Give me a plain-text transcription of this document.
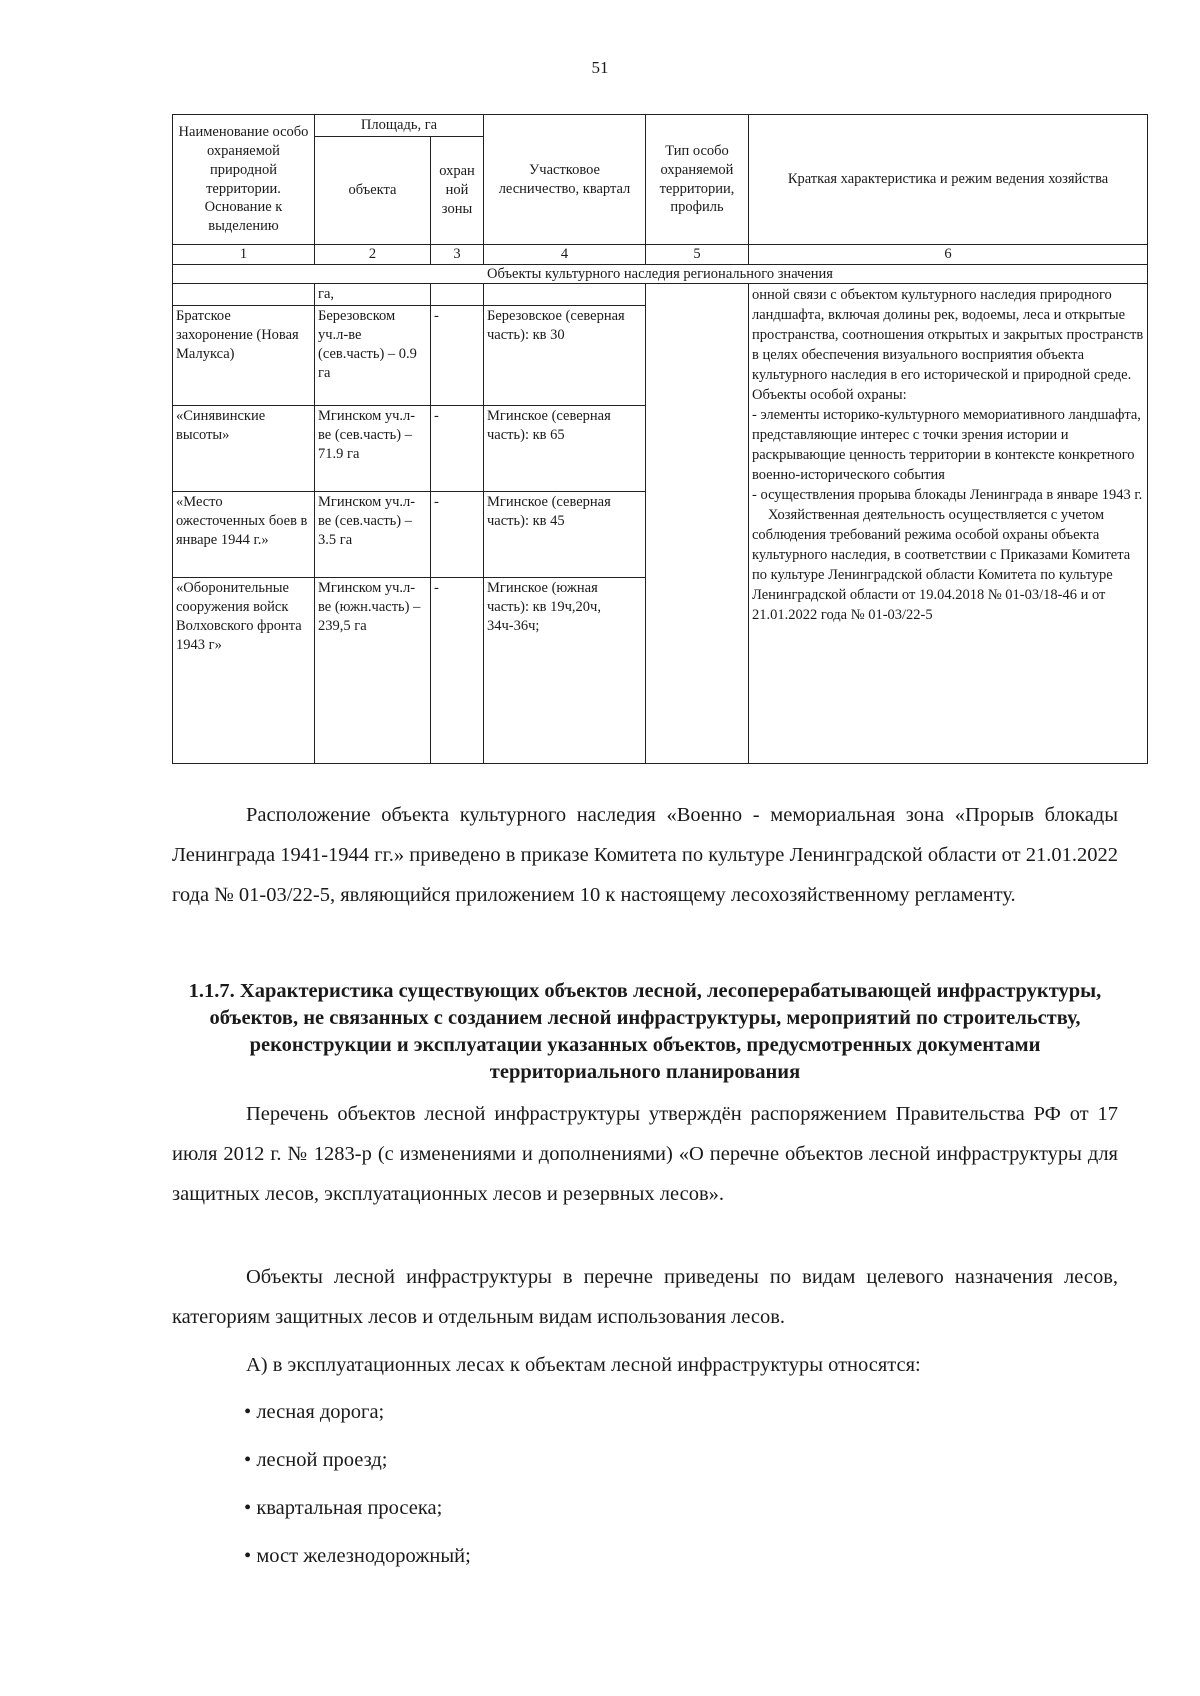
51
Наименование особо охраняемой природной территории. Основание к выделению	Площадь, га		Участковое лесничество, квартал	Тип особо охраняемой территории, профиль	Краткая характеристика и режим ведения хозяйства
	объекта	охран ной зоны			
1	2	3	4	5	6
Объекты культурного наследия регионального значения					
	га,				онной связи с объектом культурного наследия природного ландшафта, включая долины рек, водоемы, леса и открытые пространства, соотношения открытых и закрытых пространств в целях обеспечения визуального восприятия объекта культурного наследия в его исторической и природной среде.

Объекты особой охраны:

- элементы историко-культурного мемориативного ландшафта, представляющие интерес с точки зрения истории и раскрывающие ценность территории в контексте конкретного военно-исторического события

- осуществления прорыва блокады Ленинграда в январе 1943 г.

Хозяйственная деятельность осуществляется с учетом соблюдения требований режима особой охраны объекта культурного наследия, в соответствии с Приказами Комитета по культуре Ленинградской области Комитета по культуре Ленинградской области от 19.04.2018 № 01-03/18-46 и от 21.01.2022 года № 01-03/22-5

Братское захоронение (Новая Малукса)	Березовском уч.л-ве (сев.часть) – 0.9 га	-	Березовское (северная часть): кв 30		
«Синявинские высоты»	Мгинском уч.л-ве (сев.часть) – 71.9 га	-	Мгинское (северная часть): кв 65		
«Место ожесточенных боев в январе 1944 г.»	Мгинском уч.л-ве (сев.часть) – 3.5 га	-	Мгинское (северная часть): кв 45		
«Оборонительные сооружения войск Волховского фронта 1943 г»	Мгинском уч.л-ве (южн.часть) – 239,5 га	-	Мгинское (южная часть): кв 19ч,20ч, 34ч-36ч;		

Расположение объекта культурного наследия «Военно - мемориальная зона «Прорыв блокады Ленинграда 1941-1944 гг.» приведено в приказе Комитета по культуре Ленинградской области от 21.01.2022 года № 01-03/22-5, являющийся приложением 10 к настоящему лесохозяйственному регламенту.

1.1.7. Характеристика существующих объектов лесной, лесоперерабатывающей инфраструктуры, объектов, не связанных с созданием лесной инфраструктуры, мероприятий по строительству, реконструкции и эксплуатации указанных объектов, предусмотренных документами территориального планирования

Перечень объектов лесной инфраструктуры утверждён распоряжением Правительства РФ от 17 июля 2012 г. № 1283-р (с изменениями и дополнениями) «О перечне объектов лесной инфраструктуры для защитных лесов, эксплуатационных лесов и резервных лесов».

Объекты лесной инфраструктуры в перечне приведены по видам целевого назначения лесов, категориям защитных лесов и отдельным видам использования лесов.

А) в эксплуатационных лесах к объектам лесной инфраструктуры относятся:

• лесная дорога;
• лесной проезд;
• квартальная просека;
• мост железнодорожный;
